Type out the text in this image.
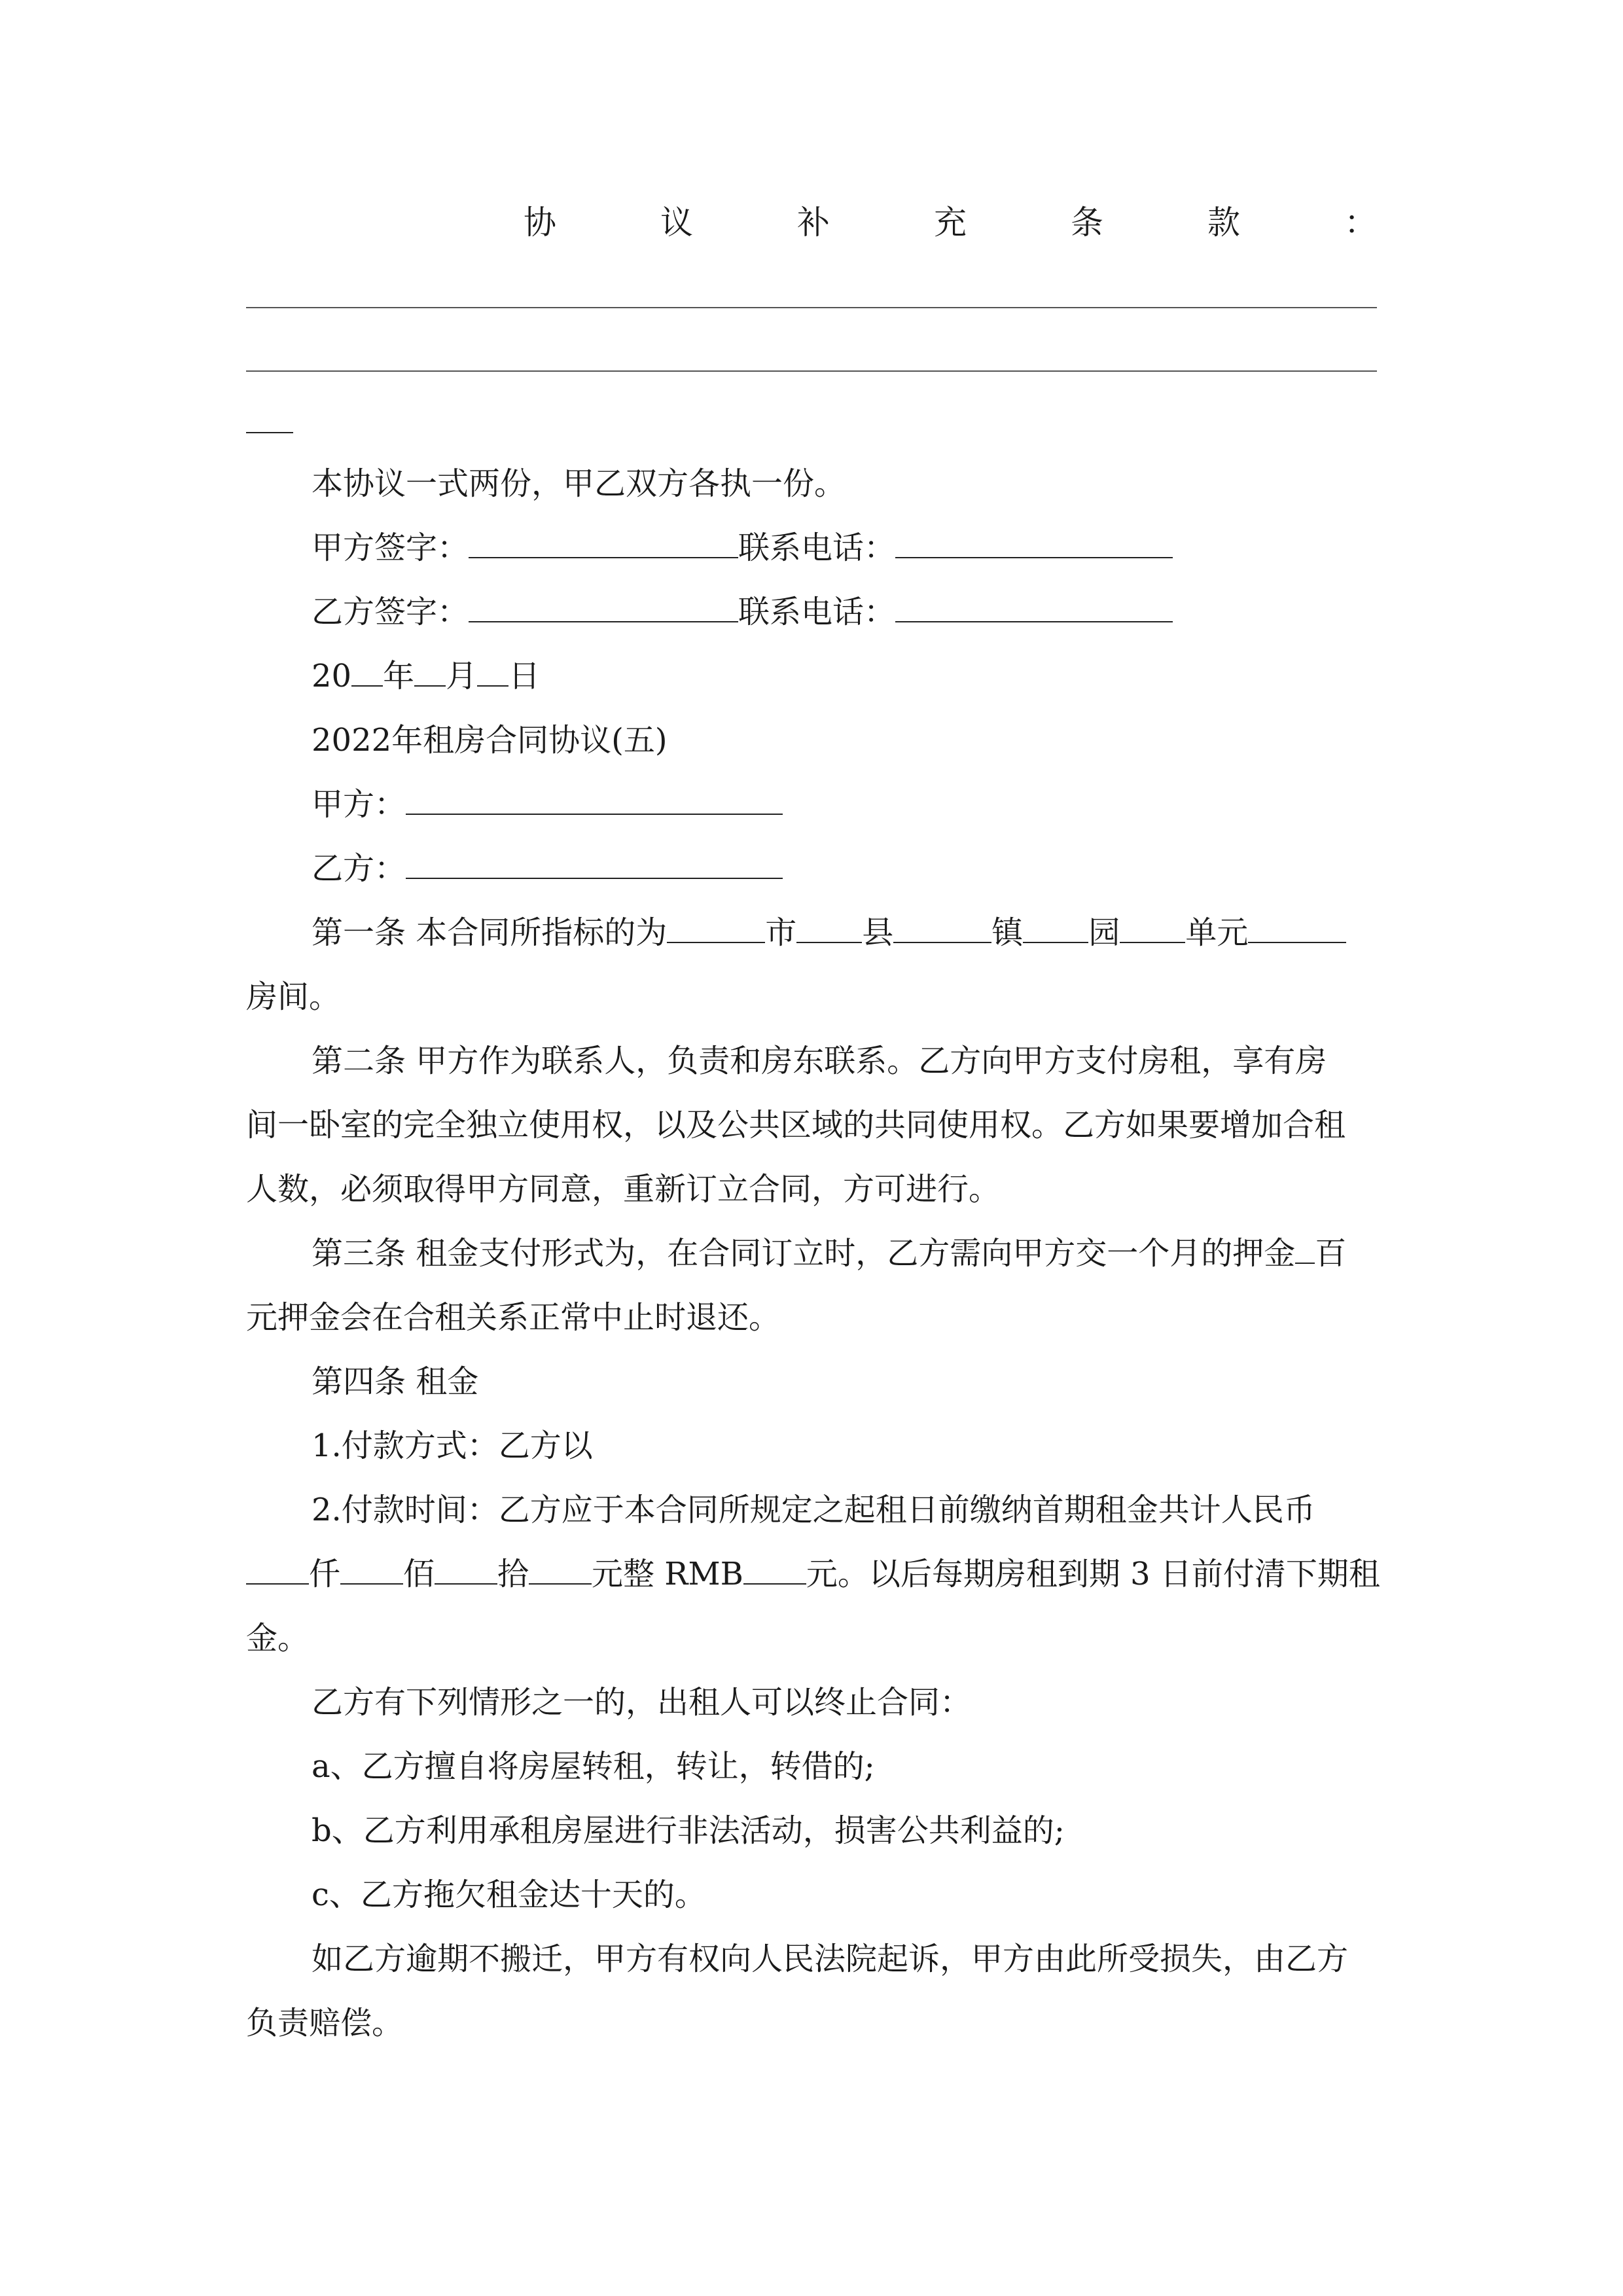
协	议	补	充	条	款	：
本协议一式两份，甲乙双方各执一份。
甲方签字：	联系电话：
乙方签字：	联系电话：
20 年 月 日
2022年租房合同协议(五)
甲方：
乙方：
第一条 本合同所指标的为	市 县	镇 园 单元
房间。
第二条 甲方作为联系人，负责和房东联系。乙方向甲方支付房租，享有房
间一卧室的完全独立使用权，以及公共区域的共同使用权。乙方如果要增加合租
人数，必须取得甲方同意，重新订立合同，方可进行。
第三条 租金支付形式为，在合同订立时，乙方需向甲方交一个月的押金 百
元押金会在合租关系正常中止时退还。
第四条 租金
1.付款方式：乙方以
2.付款时间：乙方应于本合同所规定之起租日前缴纳首期租金共计人民币
仟 佰 拾 元整 RMB 元。以后每期房租到期 3 日前付清下期租
金。
乙方有下列情形之一的，出租人可以终止合同：
a、乙方擅自将房屋转租，转让，转借的;
b、乙方利用承租房屋进行非法活动，损害公共利益的;
c、乙方拖欠租金达十天的。
如乙方逾期不搬迁，甲方有权向人民法院起诉，甲方由此所受损失，由乙方
负责赔偿。
